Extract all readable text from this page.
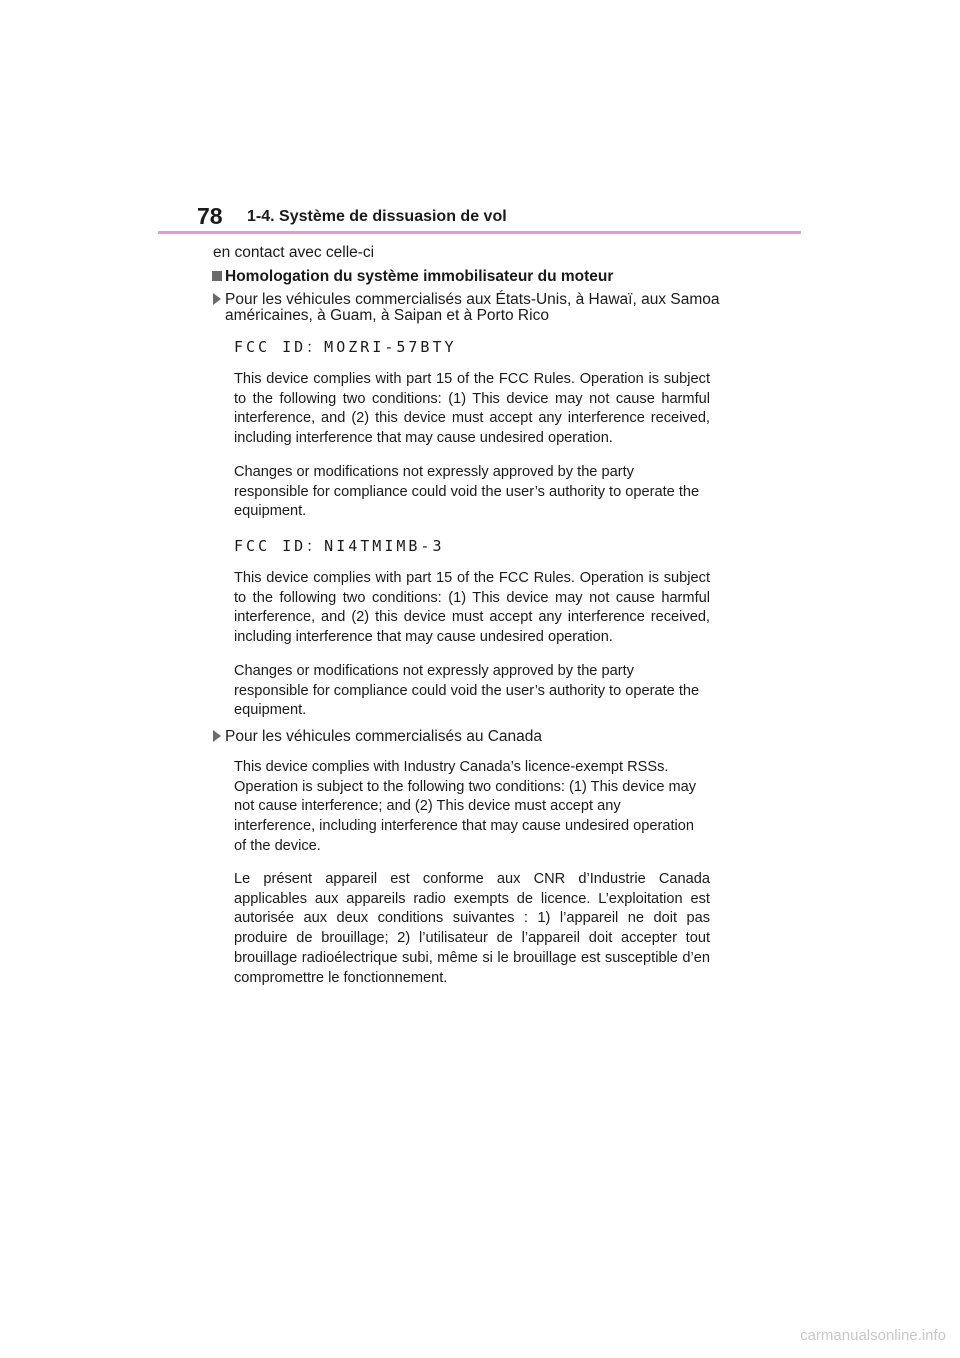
78 1-4. Système de dissuasion de vol
en contact avec celle-ci
Homologation du système immobilisateur du moteur
Pour les véhicules commercialisés aux États-Unis, à Hawaï, aux Samoa
américaines, à Guam, à Saipan et à Porto Rico
FCC ID：MOZRI-57BTY
This device complies with part 15 of the FCC Rules. Operation is subject to the following two conditions: (1) This device may not cause harmful interference, and (2) this device must accept any interference received, including interference that may cause undesired operation.
Changes or modifications not expressly approved by the party responsible for compliance could void the user’s authority to operate the equipment.
FCC ID：NI4TMIMB-3
This device complies with part 15 of the FCC Rules. Operation is subject to the following two conditions: (1) This device may not cause harmful interference, and (2) this device must accept any interference received, including interference that may cause undesired operation.
Changes or modifications not expressly approved by the party responsible for compliance could void the user’s authority to operate the equipment.
Pour les véhicules commercialisés au Canada
This device complies with Industry Canada’s licence-exempt RSSs. Operation is subject to the following two conditions: (1) This device may not cause interference; and (2) This device must accept any interference, including interference that may cause undesired operation of the device.
Le présent appareil est conforme aux CNR d’Industrie Canada applicables aux appareils radio exempts de licence. L’exploitation est autorisée aux deux conditions suivantes : 1) l’appareil ne doit pas produire de brouillage; 2) l’utilisateur de l’appareil doit accepter tout brouillage radioélectrique subi, même si le brouillage est susceptible d’en compromettre le fonctionnement.
carmanualsonline.info
